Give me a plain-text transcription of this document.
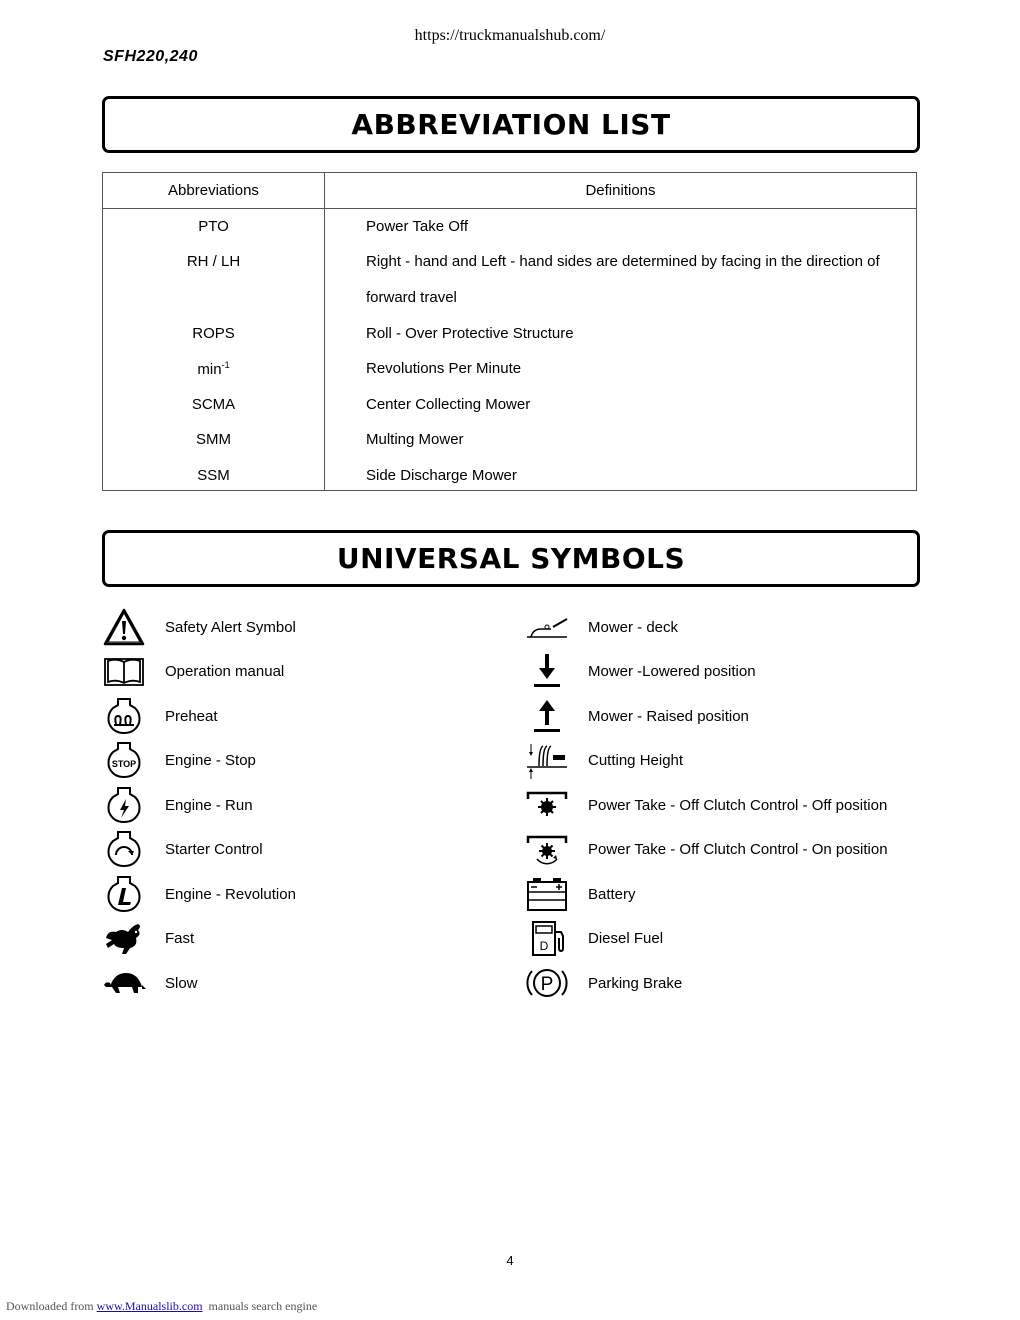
https://truckmanualshub.com/
SFH220,240
ABBREVIATION LIST
Abbreviations	Definitions
PTO	Power Take Off
RH / LH	Right - hand and Left - hand sides are determined by facing in the direction of
forward travel
ROPS	Roll - Over Protective Structure
$\min^{-1}$	Revolutions Per Minute
SCMA	Center Collecting Mower
SMM	Multing Mower
SSM	Side Discharge Mower
UNIVERSAL SYMBOLS
STOP
Safety Alert Symbol
Operation manual
Preheat
Engine - Stop
Engine - Run
Starter Control
Engine - Revolution
Fast
Slow
D
P
Mower - deck
Mower -Lowered position
Mower - Raised position
Cutting Height
Power Take - Off Clutch Control - Off position
Power Take - Off Clutch Control - On position
Battery
Diesel Fuel
Parking Brake
4
Downloaded from www.Manualslib.com manuals search engine
